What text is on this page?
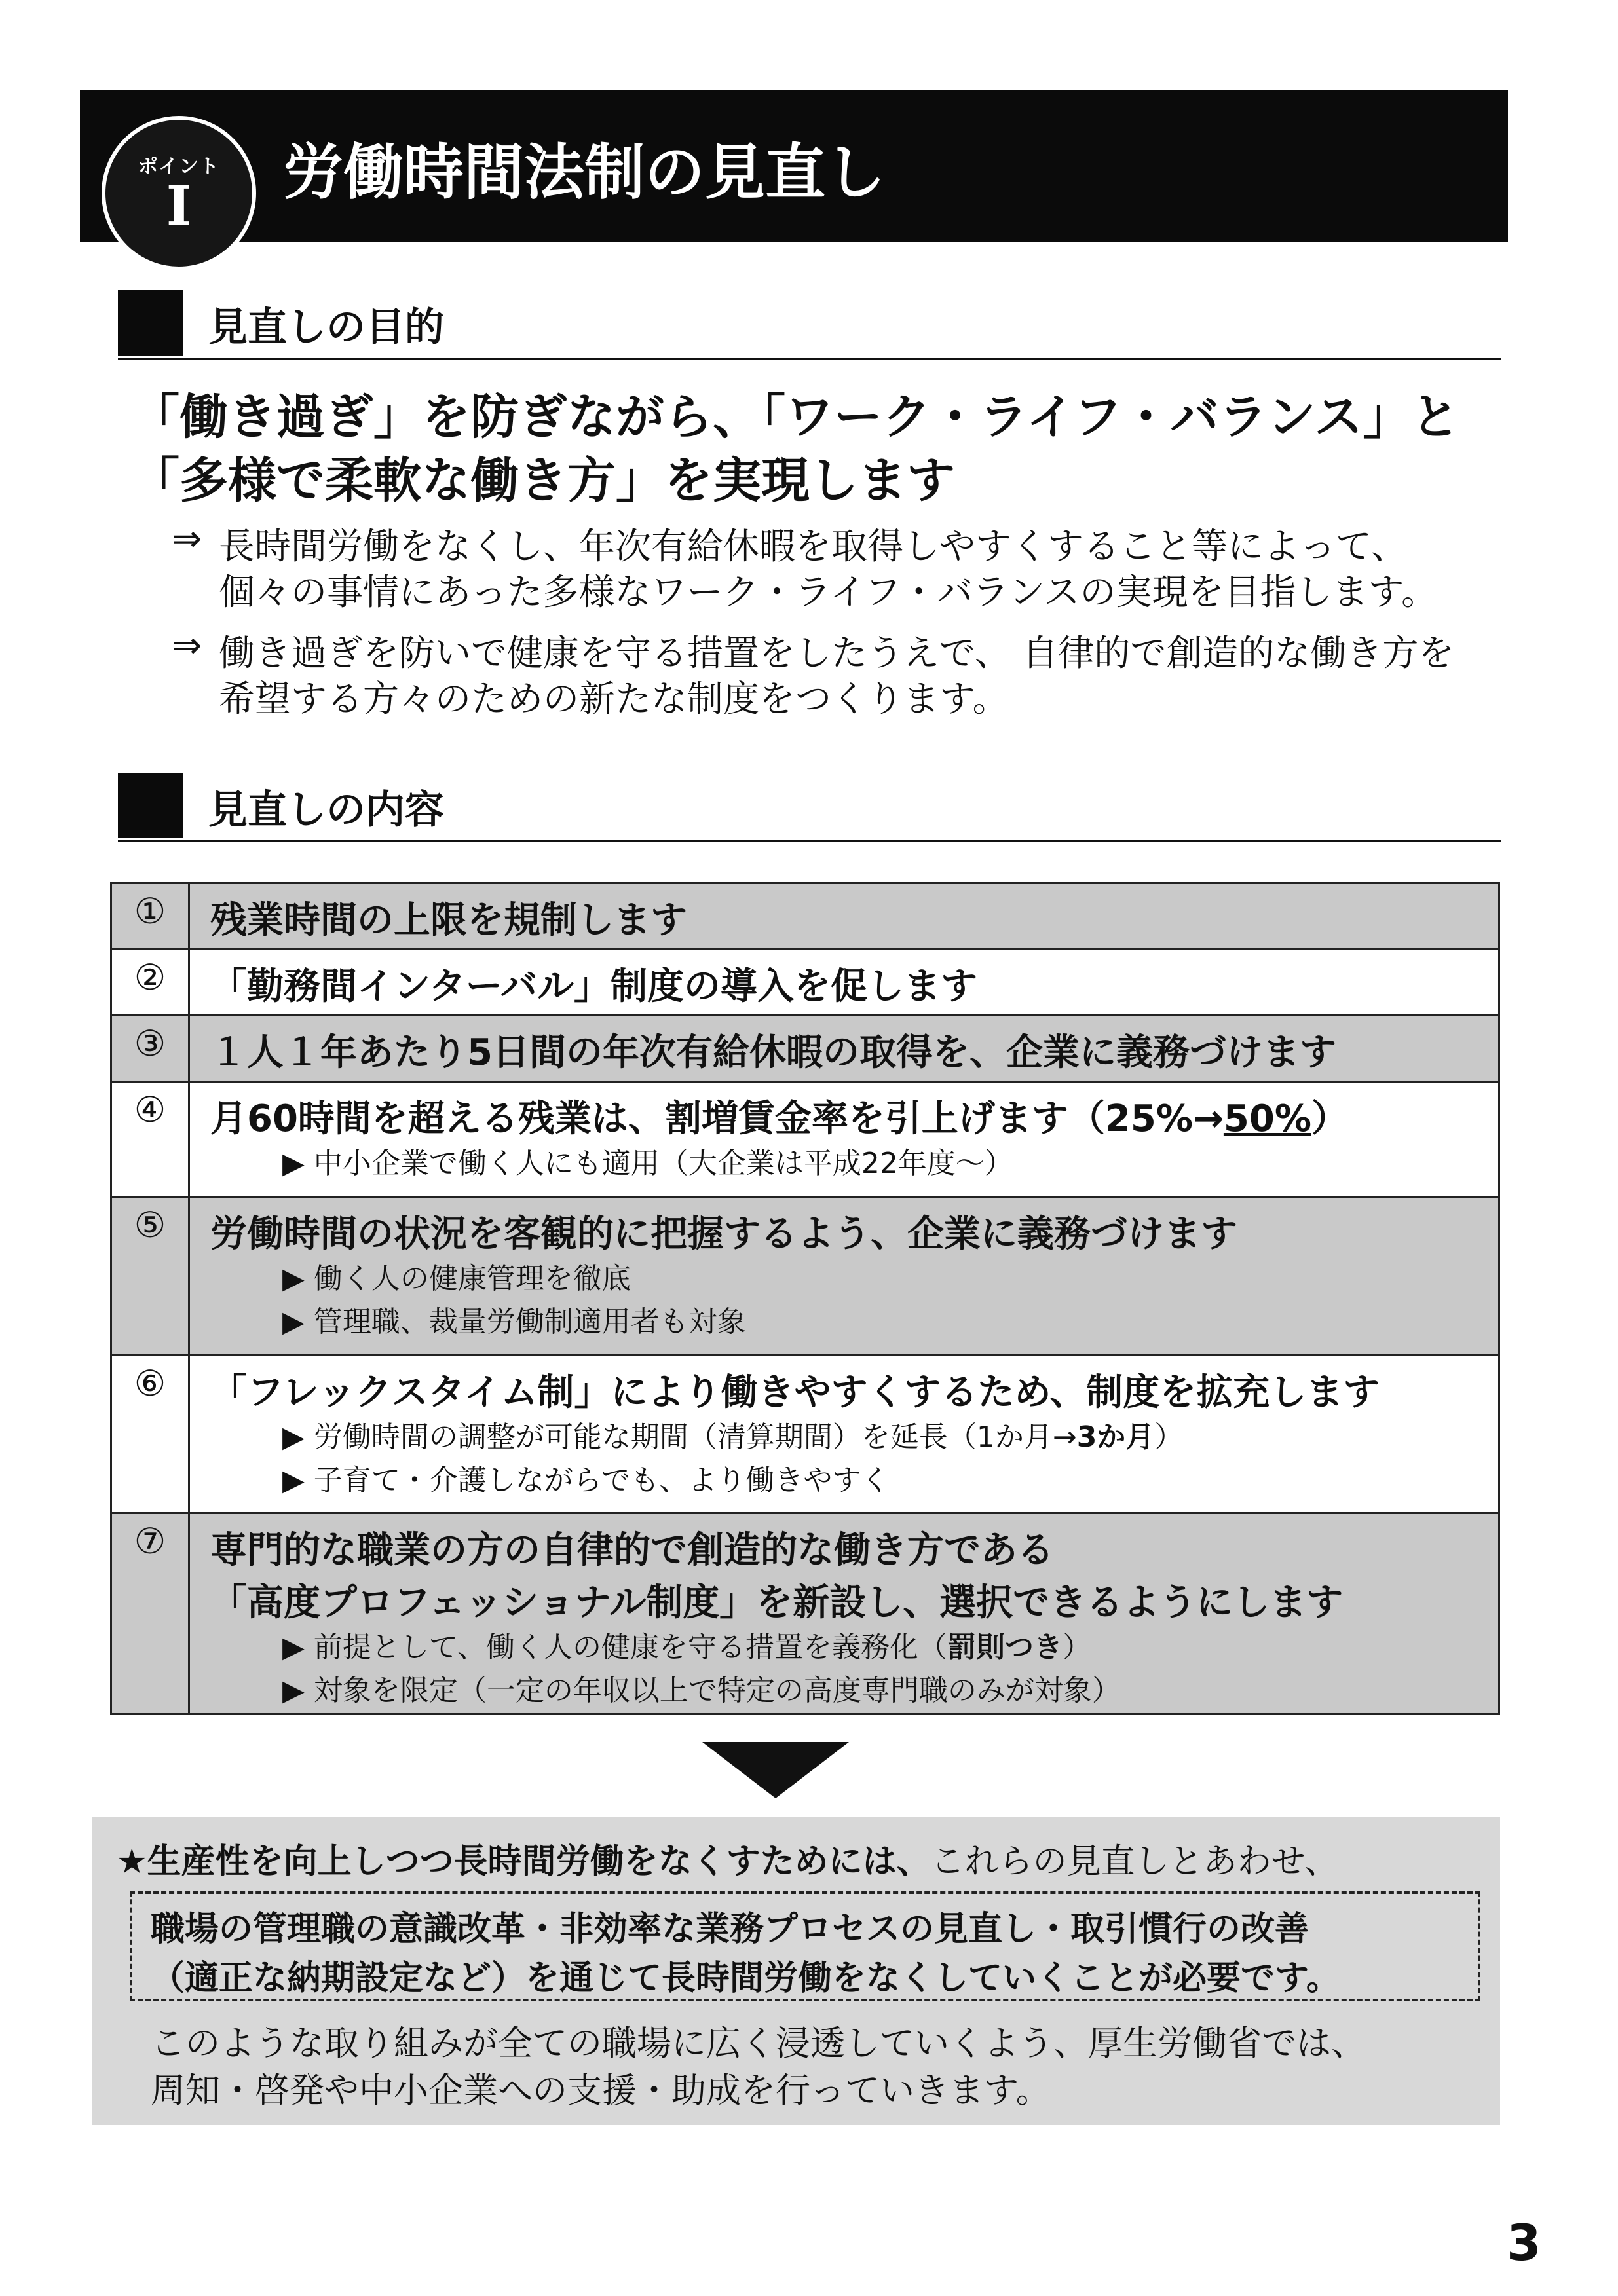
ポイント
Ⅰ 労働時間法制の見直し
見直しの目的
「働き過ぎ」を防ぎながら、「ワーク・ライフ・バランス」と
「多様で柔軟な働き方」を実現します
⇒ 長時間労働をなくし、年次有給休暇を取得しやすくすること等によって、
個々の事情にあった多様なワーク・ライフ・バランスの実現を目指します。
⇒ 働き過ぎを防いで健康を守る措置をしたうえで、 自律的で創造的な働き方を
希望する方々のための新たな制度をつくります。
見直しの内容
①	残業時間の上限を規制します

②	「勤務間インターバル」制度の導入を促します

③	１人１年あたり5日間の年次有給休暇の取得を、企業に義務づけます

④	月60時間を超える残業は、割増賃金率を引上げます（25%→50%）
▶ 中小企業で働く人にも適用（大企業は平成22年度～）

⑤	労働時間の状況を客観的に把握するよう、企業に義務づけます
▶ 働く人の健康管理を徹底
▶ 管理職、裁量労働制適用者も対象

⑥	「フレックスタイム制」により働きやすくするため、制度を拡充します
▶ 労働時間の調整が可能な期間（清算期間）を延長（1か月→3か月）
▶ 子育て・介護しながらでも、より働きやすく

⑦	専門的な職業の方の自律的で創造的な働き方である
「高度プロフェッショナル制度」を新設し、選択できるようにします
▶ 前提として、働く人の健康を守る措置を義務化（罰則つき）
▶ 対象を限定（一定の年収以上で特定の高度専門職のみが対象）
★生産性を向上しつつ長時間労働をなくすためには、これらの見直しとあわせ、
職場の管理職の意識改革・非効率な業務プロセスの見直し・取引慣行の改善
（適正な納期設定など）を通じて長時間労働をなくしていくことが必要です。
このような取り組みが全ての職場に広く浸透していくよう、厚生労働省では、
周知・啓発や中小企業への支援・助成を行っていきます。
3
